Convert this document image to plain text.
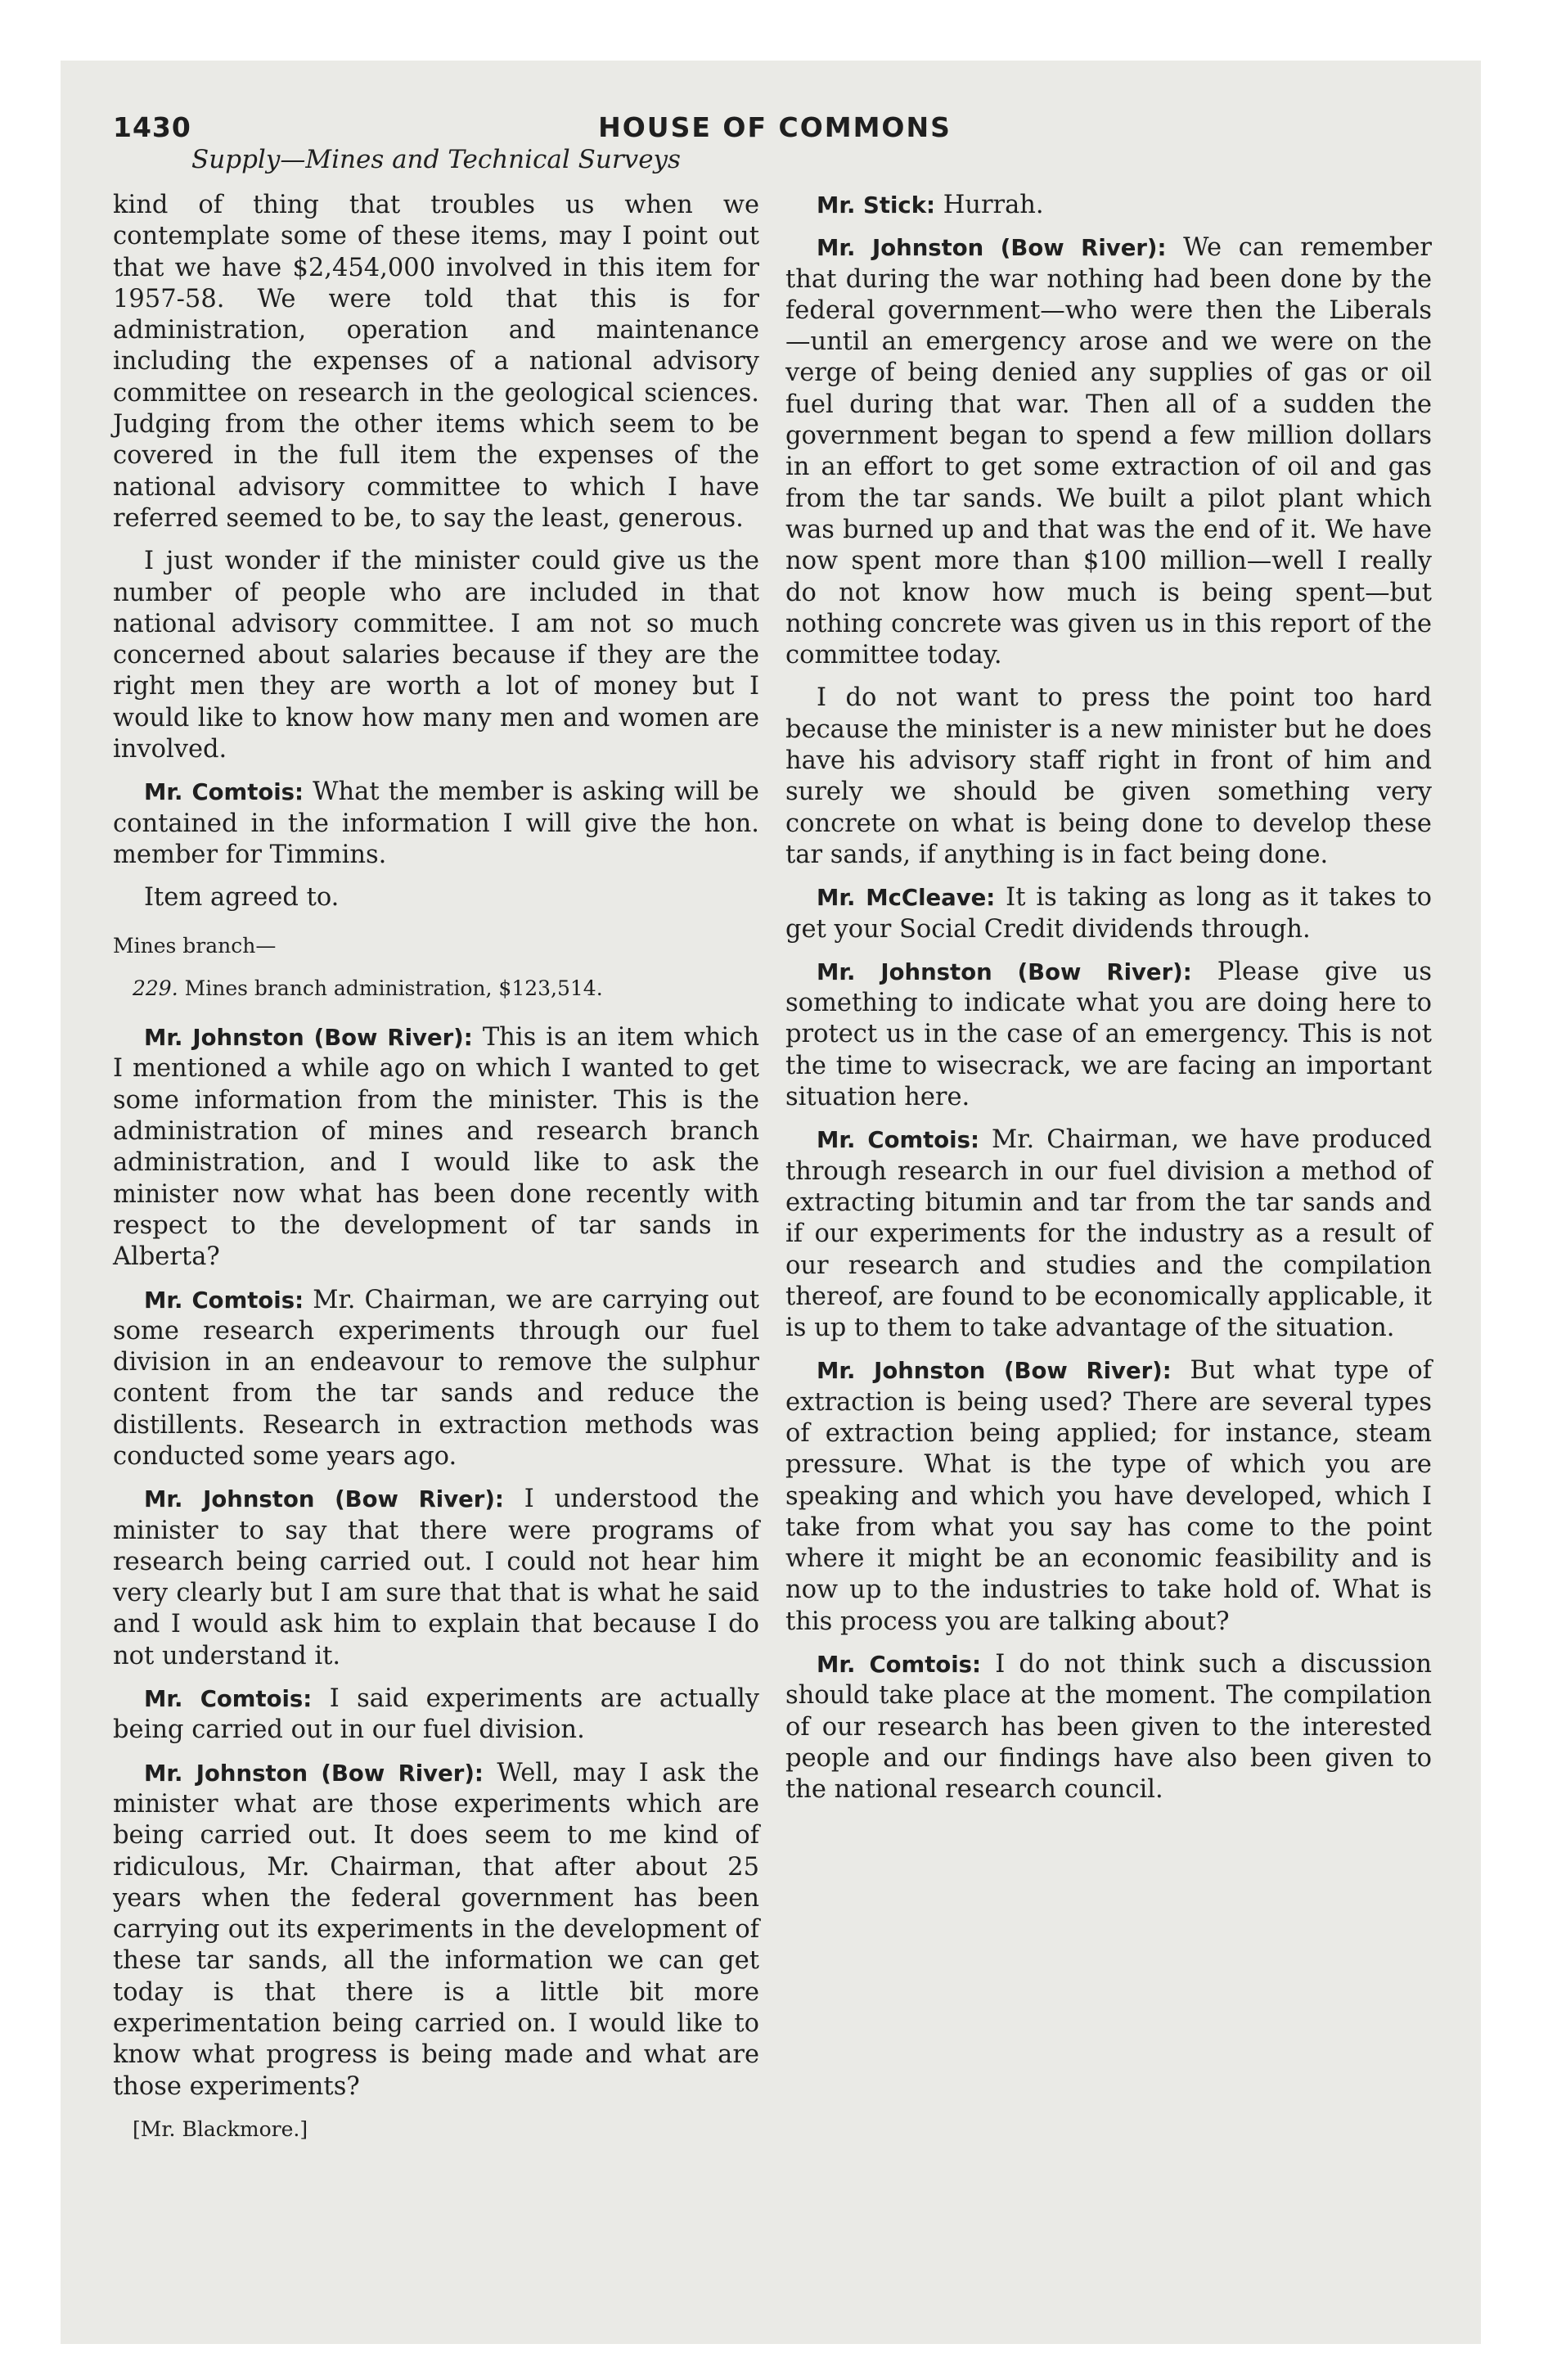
1430	HOUSE OF COMMONS
Supply—Mines and Technical Surveys

kind of thing that troubles us when we contemplate some of these items, may I point out that we have $2,454,000 involved in this item for 1957-58. We were told that this is for administration, operation and maintenance including the expenses of a national advisory committee on research in the geological sciences. Judging from the other items which seem to be covered in the full item the expenses of the national advisory committee to which I have referred seemed to be, to say the least, generous.

I just wonder if the minister could give us the number of people who are included in that national advisory committee. I am not so much concerned about salaries because if they are the right men they are worth a lot of money but I would like to know how many men and women are involved.

Mr. Comtois: What the member is asking will be contained in the information I will give the hon. member for Timmins.

Item agreed to.

Mines branch—

229. Mines branch administration, $123,514.

Mr. Johnston (Bow River): This is an item which I mentioned a while ago on which I wanted to get some information from the minister. This is the administration of mines and research branch administration, and I would like to ask the minister now what has been done recently with respect to the development of tar sands in Alberta?

Mr. Comtois: Mr. Chairman, we are carrying out some research experiments through our fuel division in an endeavour to remove the sulphur content from the tar sands and reduce the distillents. Research in extraction methods was conducted some years ago.

Mr. Johnston (Bow River): I understood the minister to say that there were programs of research being carried out. I could not hear him very clearly but I am sure that that is what he said and I would ask him to explain that because I do not understand it.

Mr. Comtois: I said experiments are actually being carried out in our fuel division.

Mr. Johnston (Bow River): Well, may I ask the minister what are those experiments which are being carried out. It does seem to me kind of ridiculous, Mr. Chairman, that after about 25 years when the federal government has been carrying out its experiments in the development of these tar sands, all the information we can get today is that there is a little bit more experimentation being carried on. I would like to know what progress is being made and what are those experiments?

[Mr. Blackmore.]

Mr. Stick: Hurrah.

Mr. Johnston (Bow River): We can remember that during the war nothing had been done by the federal government—who were then the Liberals—until an emergency arose and we were on the verge of being denied any supplies of gas or oil fuel during that war. Then all of a sudden the government began to spend a few million dollars in an effort to get some extraction of oil and gas from the tar sands. We built a pilot plant which was burned up and that was the end of it. We have now spent more than $100 million—well I really do not know how much is being spent—but nothing concrete was given us in this report of the committee today.

I do not want to press the point too hard because the minister is a new minister but he does have his advisory staff right in front of him and surely we should be given something very concrete on what is being done to develop these tar sands, if anything is in fact being done.

Mr. McCleave: It is taking as long as it takes to get your Social Credit dividends through.

Mr. Johnston (Bow River): Please give us something to indicate what you are doing here to protect us in the case of an emergency. This is not the time to wisecrack, we are facing an important situation here.

Mr. Comtois: Mr. Chairman, we have produced through research in our fuel division a method of extracting bitumin and tar from the tar sands and if our experiments for the industry as a result of our research and studies and the compilation thereof, are found to be economically applicable, it is up to them to take advantage of the situation.

Mr. Johnston (Bow River): But what type of extraction is being used? There are several types of extraction being applied; for instance, steam pressure. What is the type of which you are speaking and which you have developed, which I take from what you say has come to the point where it might be an economic feasibility and is now up to the industries to take hold of. What is this process you are talking about?

Mr. Comtois: I do not think such a discussion should take place at the moment. The compilation of our research has been given to the interested people and our findings have also been given to the national research council.
